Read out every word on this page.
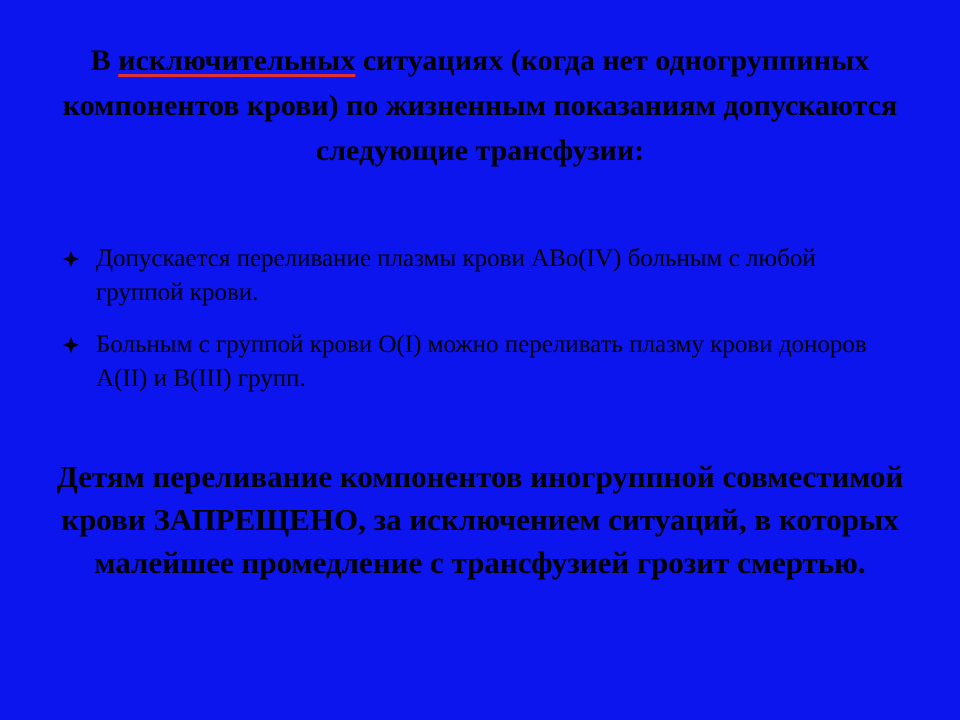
В исключительных ситуациях (когда нет одногруппиных компонентов крови) по жизненным показаниям допускаются следующие трансфузии:
Допускается переливание плазмы крови АВо(IV) больным с любой группой крови.
Больным с группой крови О(I) можно переливать плазму крови доноров А(II) и В(III) групп.

Детям переливание компонентов иногруппной совместимой крови ЗАПРЕЩЕНО, за исключением ситуаций, в которых малейшее промедление с трансфузией грозит смертью.
